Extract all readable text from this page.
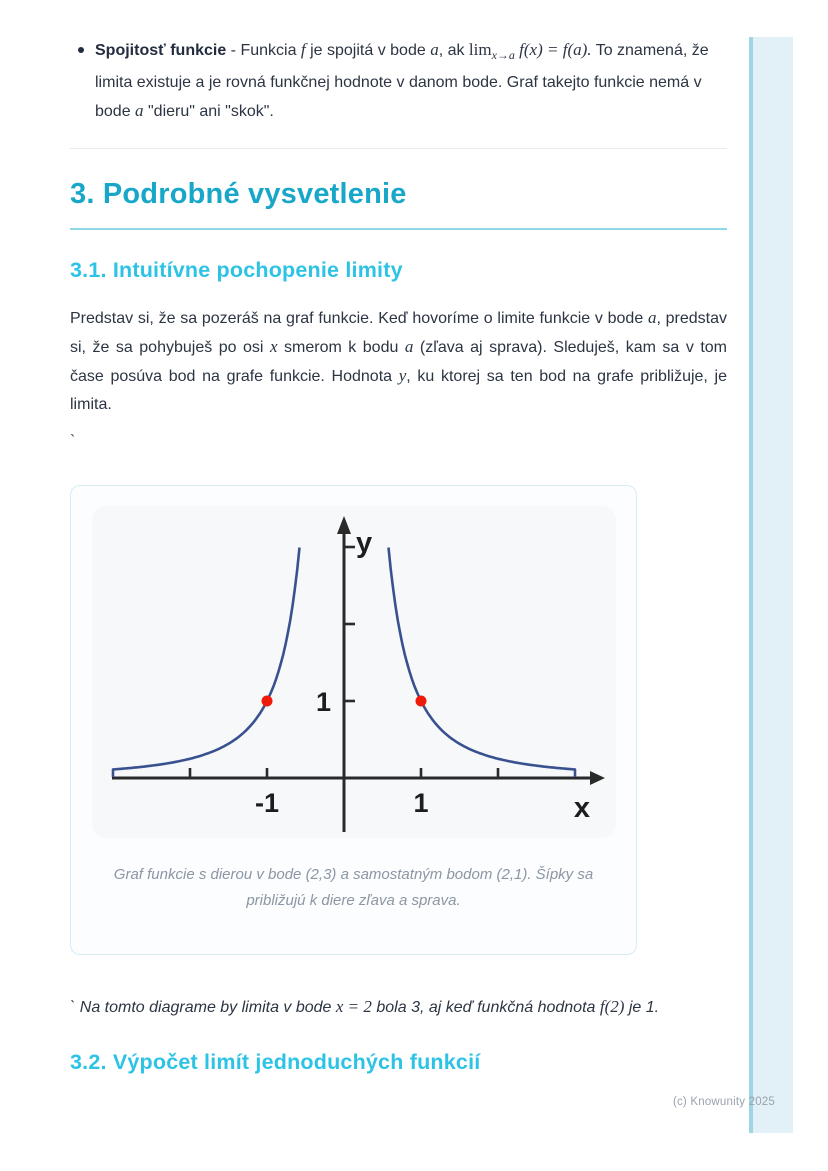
Spojitosť funkcie - Funkcia f je spojitá v bode a, ak $\lim_{x\to a} f(x) = f(a)$. To znamená, že limita existuje a je rovná funkčnej hodnote v danom bode. Graf takejto funkcie nemá v bode a "dieru" ani "skok".
3. Podrobné vysvetlenie
3.1. Intuitívne pochopenie limity

Predstav si, že sa pozeráš na graf funkcie. Keď hovoríme o limite funkcie v bode a, predstav si, že sa pohybuješ po osi x smerom k bodu a (zľava aj sprava). Sleduješ, kam sa v tom čase posúva bod na grafe funkcie. Hodnota y, ku ktorej sa ten bod na grafe približuje, je limita.

`
-1	1
1
x
y
Graf funkcie s dierou v bode (2,3) a samostatným bodom (2,1). Šípky sa približujú k diere zľava a sprava.

` Na tomto diagrame by limita v bode x = 2 bola 3, aj keď funkčná hodnota f(2) je 1.

3.2. Výpočet limít jednoduchých funkcií
(c) Knowunity 2025
